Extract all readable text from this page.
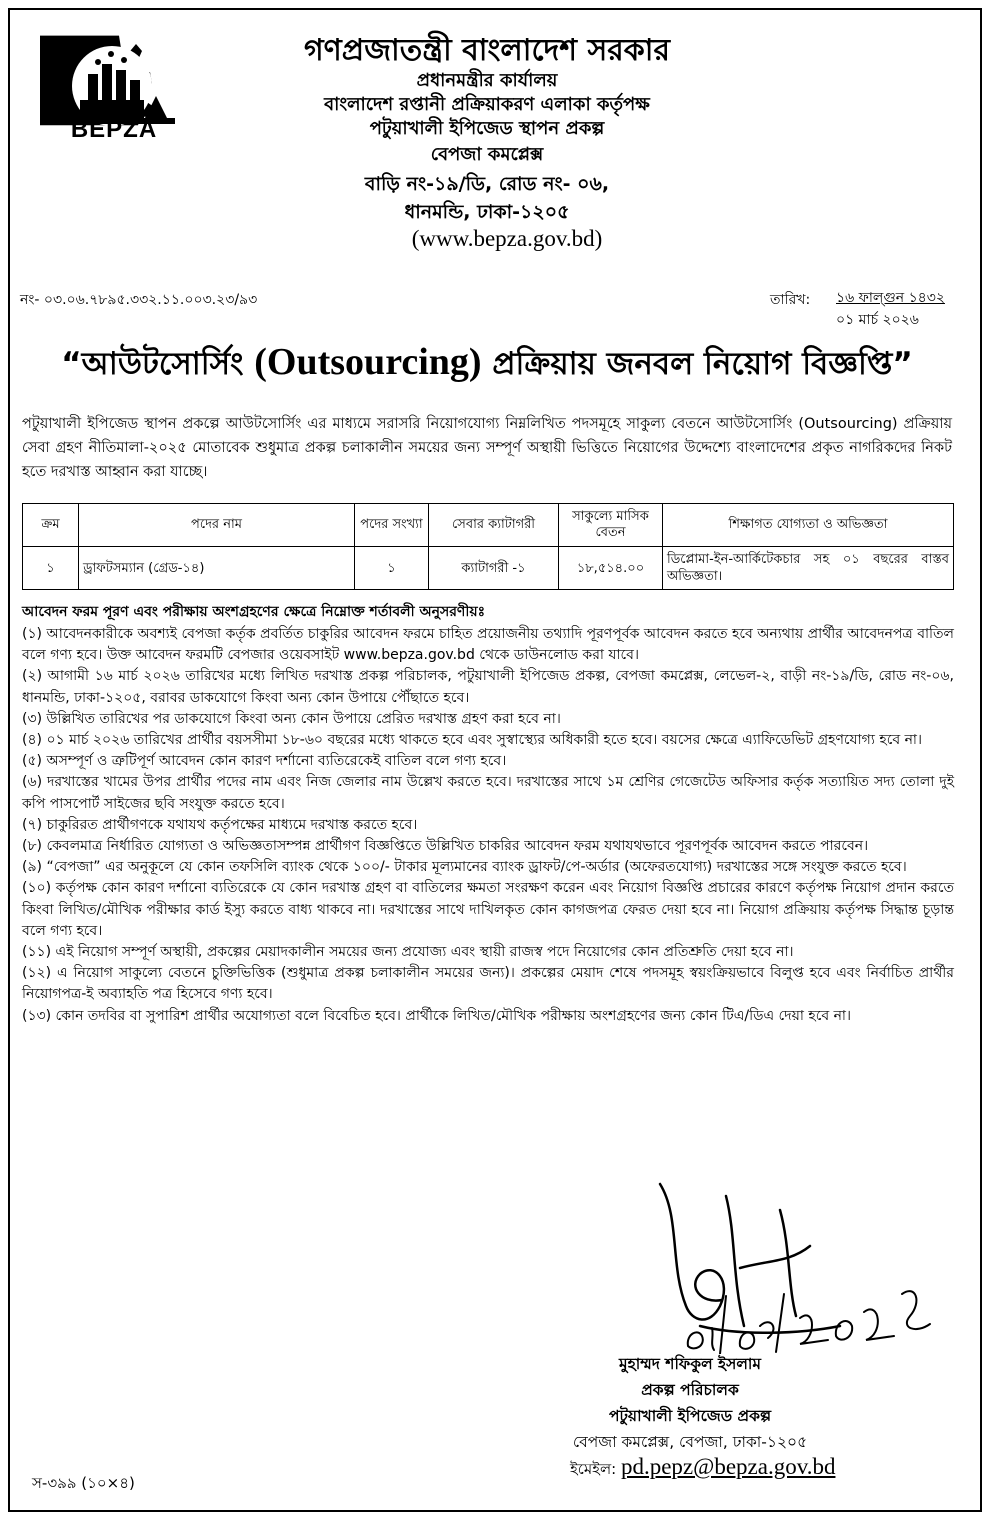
BEPZA
গণপ্রজাতন্ত্রী বাংলাদেশ সরকার
প্রধানমন্ত্রীর কার্যালয়
বাংলাদেশ রপ্তানী প্রক্রিয়াকরণ এলাকা কর্তৃপক্ষ
পটুয়াখালী ইপিজেড স্থাপন প্রকল্প
বেপজা কমপ্লেক্স
বাড়ি নং-১৯/ডি, রোড নং- ০৬,
ধানমন্ডি, ঢাকা-১২০৫
(www.bepza.gov.bd)
নং- ০৩.০৬.৭৮৯৫.৩৩২.১১.০০৩.২৩/৯৩	তারিখ: ১৬ ফাল্গুন ১৪৩২
০১ মার্চ ২০২৬
“আউটসোর্সিং (Outsourcing) প্রক্রিয়ায় জনবল নিয়োগ বিজ্ঞপ্তি”
পটুয়াখালী ইপিজেড স্থাপন প্রকল্পে আউটসোর্সিং এর মাধ্যমে সরাসরি নিয়োগযোগ্য নিম্নলিখিত পদসমূহে সাকুল্য বেতনে আউটসোর্সিং (Outsourcing) প্রক্রিয়ায় সেবা গ্রহণ নীতিমালা-২০২৫ মোতাবেক শুধুমাত্র প্রকল্প চলাকালীন সময়ের জন্য সম্পূর্ণ অস্থায়ী ভিত্তিতে নিয়োগের উদ্দেশ্যে বাংলাদেশের প্রকৃত নাগরিকদের নিকট হতে দরখাস্ত আহ্বান করা যাচ্ছে।
ক্রম	পদের নাম	পদের সংখ্যা	সেবার ক্যাটাগরী	সাকুল্যে মাসিক বেতন	শিক্ষাগত যোগ্যতা ও অভিজ্ঞতা
১	ড্রাফটসম্যান (গ্রেড-১৪)	১	ক্যাটাগরী -১	১৮,৫১৪.০০	ডিপ্লোমা-ইন-আর্কিটেকচার সহ ০১ বছরের বাস্তব অভিজ্ঞতা।
আবেদন ফরম পূরণ এবং পরীক্ষায় অংশগ্রহণের ক্ষেত্রে নিম্নোক্ত শর্তাবলী অনুসরণীয়ঃ

(১) আবেদনকারীকে অবশ্যই বেপজা কর্তৃক প্রবর্তিত চাকুরির আবেদন ফরমে চাহিত প্রয়োজনীয় তথ্যাদি পূরণপূর্বক আবেদন করতে হবে অন্যথায় প্রার্থীর আবেদনপত্র বাতিল বলে গণ্য হবে। উক্ত আবেদন ফরমটি বেপজার ওয়েবসাইট www.bepza.gov.bd থেকে ডাউনলোড করা যাবে।

(২) আগামী ১৬ মার্চ ২০২৬ তারিখের মধ্যে লিখিত দরখাস্ত প্রকল্প পরিচালক, পটুয়াখালী ইপিজেড প্রকল্প, বেপজা কমপ্লেক্স, লেভেল-২, বাড়ী নং-১৯/ডি, রোড নং-০৬, ধানমন্ডি, ঢাকা-১২০৫, বরাবর ডাকযোগে কিংবা অন্য কোন উপায়ে পৌঁছাতে হবে।

(৩) উল্লিখিত তারিখের পর ডাকযোগে কিংবা অন্য কোন উপায়ে প্রেরিত দরখাস্ত গ্রহণ করা হবে না।

(৪) ০১ মার্চ ২০২৬ তারিখের প্রার্থীর বয়সসীমা ১৮-৬০ বছরের মধ্যে থাকতে হবে এবং সুস্বাস্থ্যের অধিকারী হতে হবে। বয়সের ক্ষেত্রে এ্যাফিডেভিট গ্রহণযোগ্য হবে না।

(৫) অসম্পূর্ণ ও ত্রুটিপূর্ণ আবেদন কোন কারণ দর্শানো ব্যতিরেকেই বাতিল বলে গণ্য হবে।

(৬) দরখাস্তের খামের উপর প্রার্থীর পদের নাম এবং নিজ জেলার নাম উল্লেখ করতে হবে। দরখাস্তের সাথে ১ম শ্রেণির গেজেটেড অফিসার কর্তৃক সত্যায়িত সদ্য তোলা দুই কপি পাসপোর্ট সাইজের ছবি সংযুক্ত করতে হবে।

(৭) চাকুরিরত প্রার্থীগণকে যথাযথ কর্তৃপক্ষের মাধ্যমে দরখাস্ত করতে হবে।

(৮) কেবলমাত্র নির্ধারিত যোগ্যতা ও অভিজ্ঞতাসম্পন্ন প্রার্থীগণ বিজ্ঞপ্তিতে উল্লিখিত চাকরির আবেদন ফরম যথাযথভাবে পূরণপূর্বক আবেদন করতে পারবেন।

(৯) “বেপজা” এর অনুকূলে যে কোন তফসিলি ব্যাংক থেকে ১০০/- টাকার মূল্যমানের ব্যাংক ড্রাফট/পে-অর্ডার (অফেরতযোগ্য) দরখাস্তের সঙ্গে সংযুক্ত করতে হবে।

(১০) কর্তৃপক্ষ কোন কারণ দর্শানো ব্যতিরেকে যে কোন দরখাস্ত গ্রহণ বা বাতিলের ক্ষমতা সংরক্ষণ করেন এবং নিয়োগ বিজ্ঞপ্তি প্রচারের কারণে কর্তৃপক্ষ নিয়োগ প্রদান করতে কিংবা লিখিত/মৌখিক পরীক্ষার কার্ড ইস্যু করতে বাধ্য থাকবে না। দরখাস্তের সাথে দাখিলকৃত কোন কাগজপত্র ফেরত দেয়া হবে না। নিয়োগ প্রক্রিয়ায় কর্তৃপক্ষ সিদ্ধান্ত চূড়ান্ত বলে গণ্য হবে।

(১১) এই নিয়োগ সম্পূর্ণ অস্থায়ী, প্রকল্পের মেয়াদকালীন সময়ের জন্য প্রযোজ্য এবং স্থায়ী রাজস্ব পদে নিয়োগের কোন প্রতিশ্রুতি দেয়া হবে না।

(১২) এ নিয়োগ সাকুল্যে বেতনে চুক্তিভিত্তিক (শুধুমাত্র প্রকল্প চলাকালীন সময়ের জন্য)। প্রকল্পের মেয়াদ শেষে পদসমূহ স্বয়ংক্রিয়ভাবে বিলুপ্ত হবে এবং নির্বাচিত প্রার্থীর নিয়োগপত্র-ই অব্যাহতি পত্র হিসেবে গণ্য হবে।

(১৩) কোন তদবির বা সুপারিশ প্রার্থীর অযোগ্যতা বলে বিবেচিত হবে। প্রার্থীকে লিখিত/মৌখিক পরীক্ষায় অংশগ্রহণের জন্য কোন টিএ/ডিএ দেয়া হবে না।

মুহাম্মদ শফিকুল ইসলাম
প্রকল্প পরিচালক
পটুয়াখালী ইপিজেড প্রকল্প
বেপজা কমপ্লেক্স, বেপজা, ঢাকা-১২০৫
ইমেইল: pd.pepz@bepza.gov.bd
স-৩৯৯ (১০×৪)
